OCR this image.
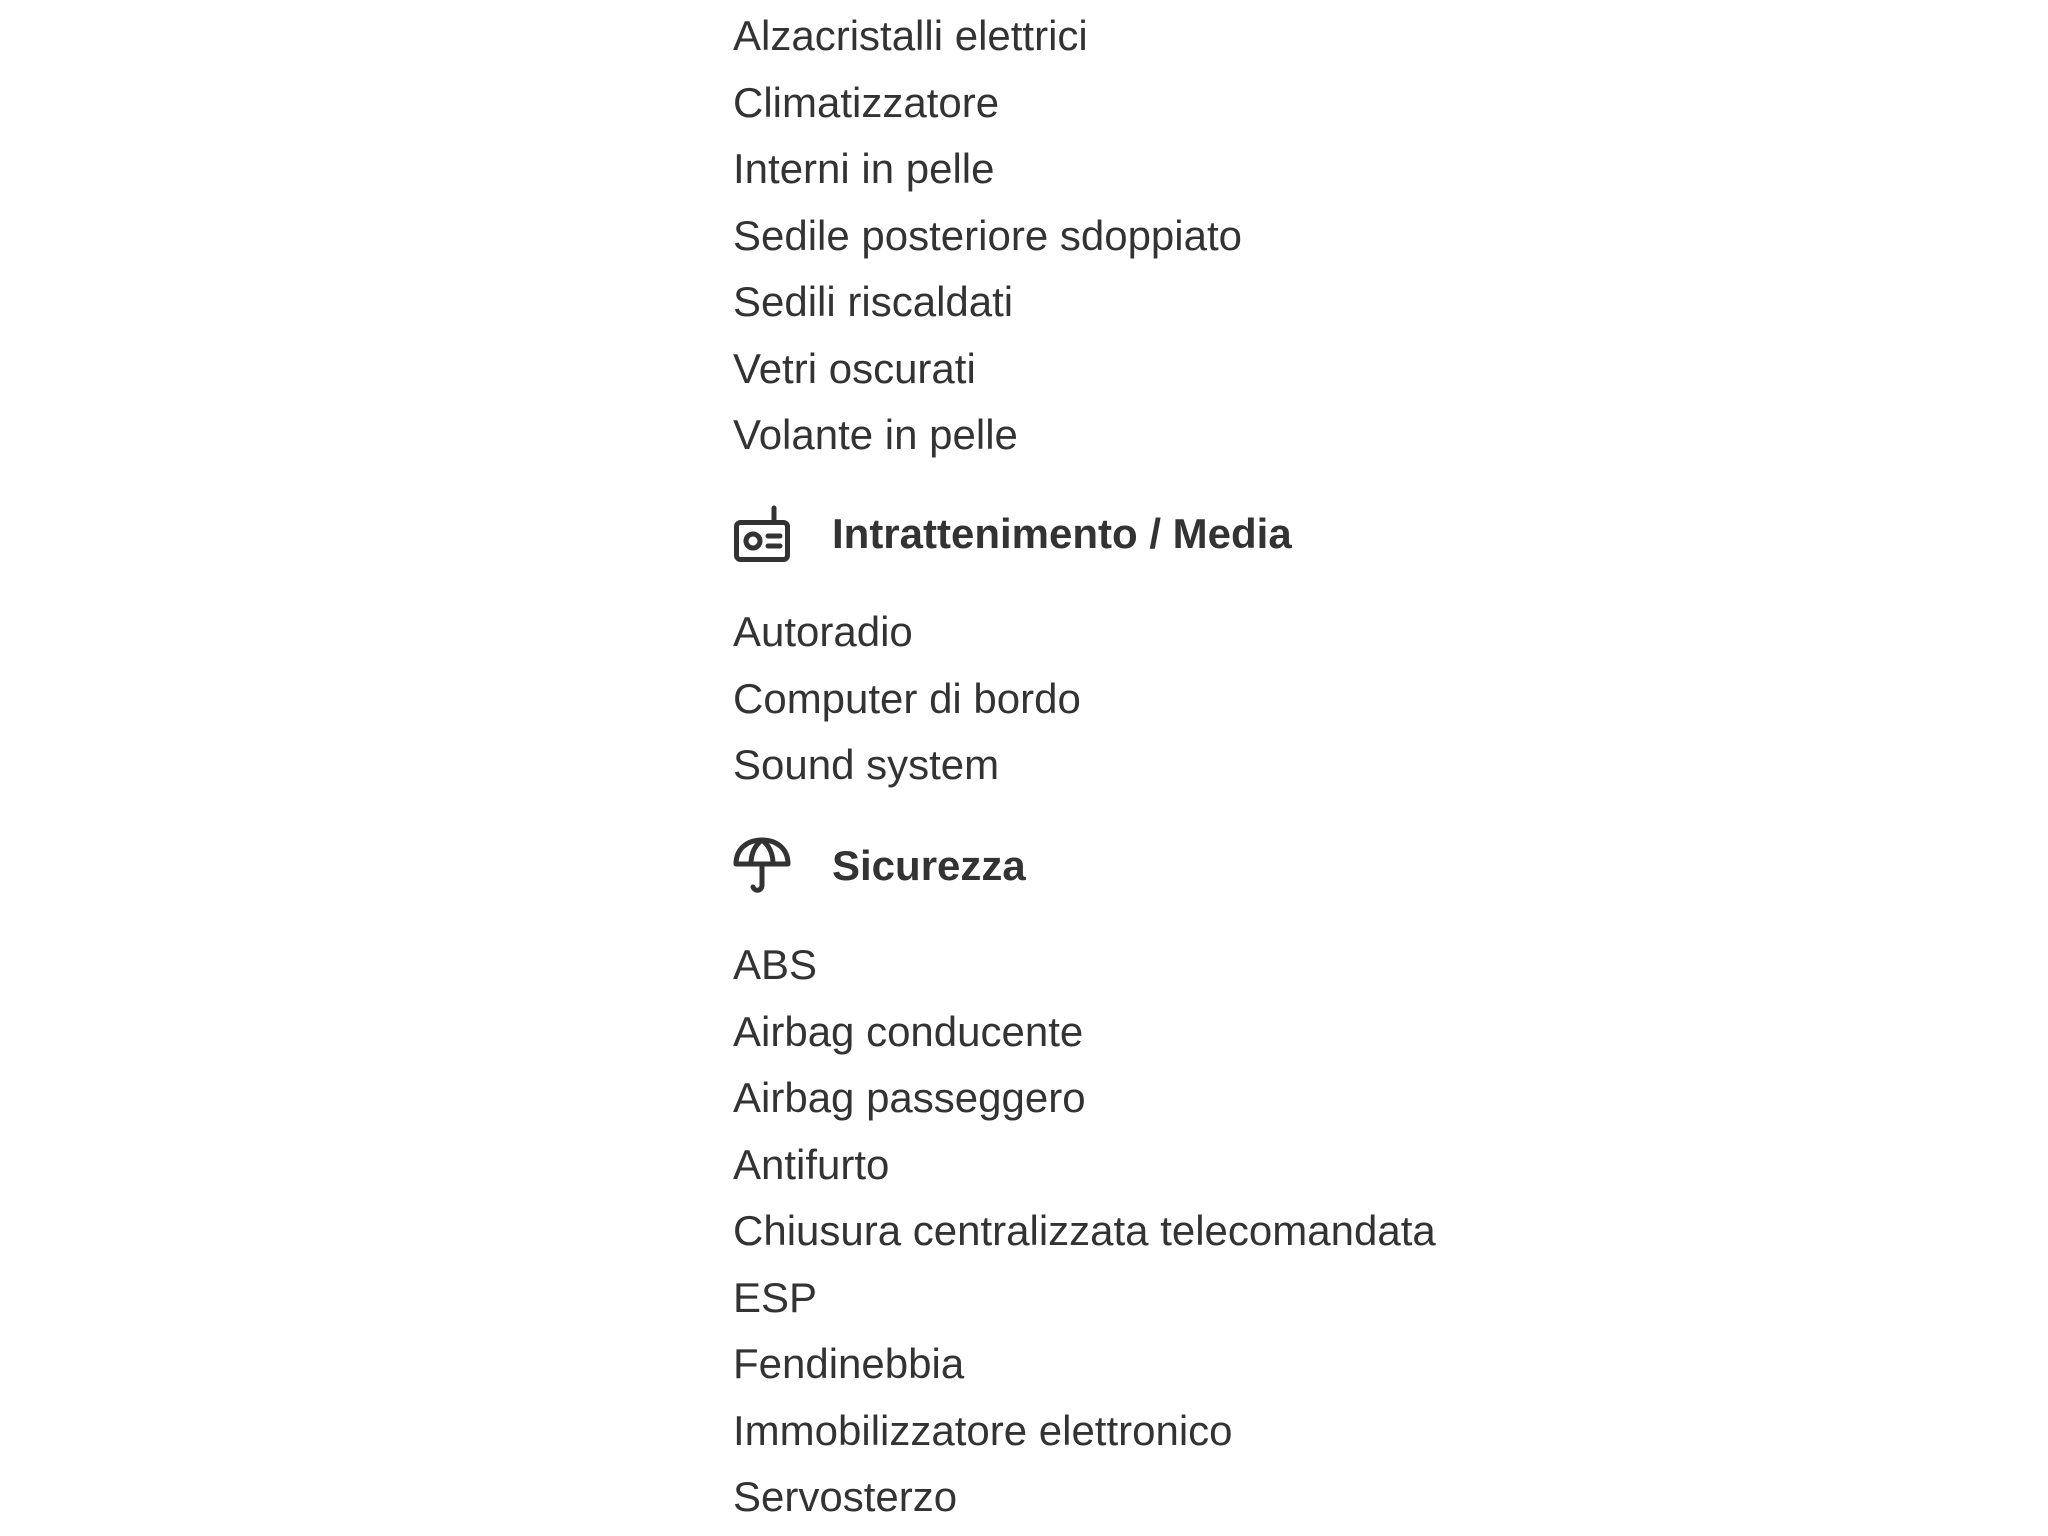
Alzacristalli elettrici
Climatizzatore
Interni in pelle
Sedile posteriore sdoppiato
Sedili riscaldati
Vetri oscurati
Volante in pelle
Intrattenimento / Media
Autoradio
Computer di bordo
Sound system
Sicurezza
ABS
Airbag conducente
Airbag passeggero
Antifurto
Chiusura centralizzata telecomandata
ESP
Fendinebbia
Immobilizzatore elettronico
Servosterzo
